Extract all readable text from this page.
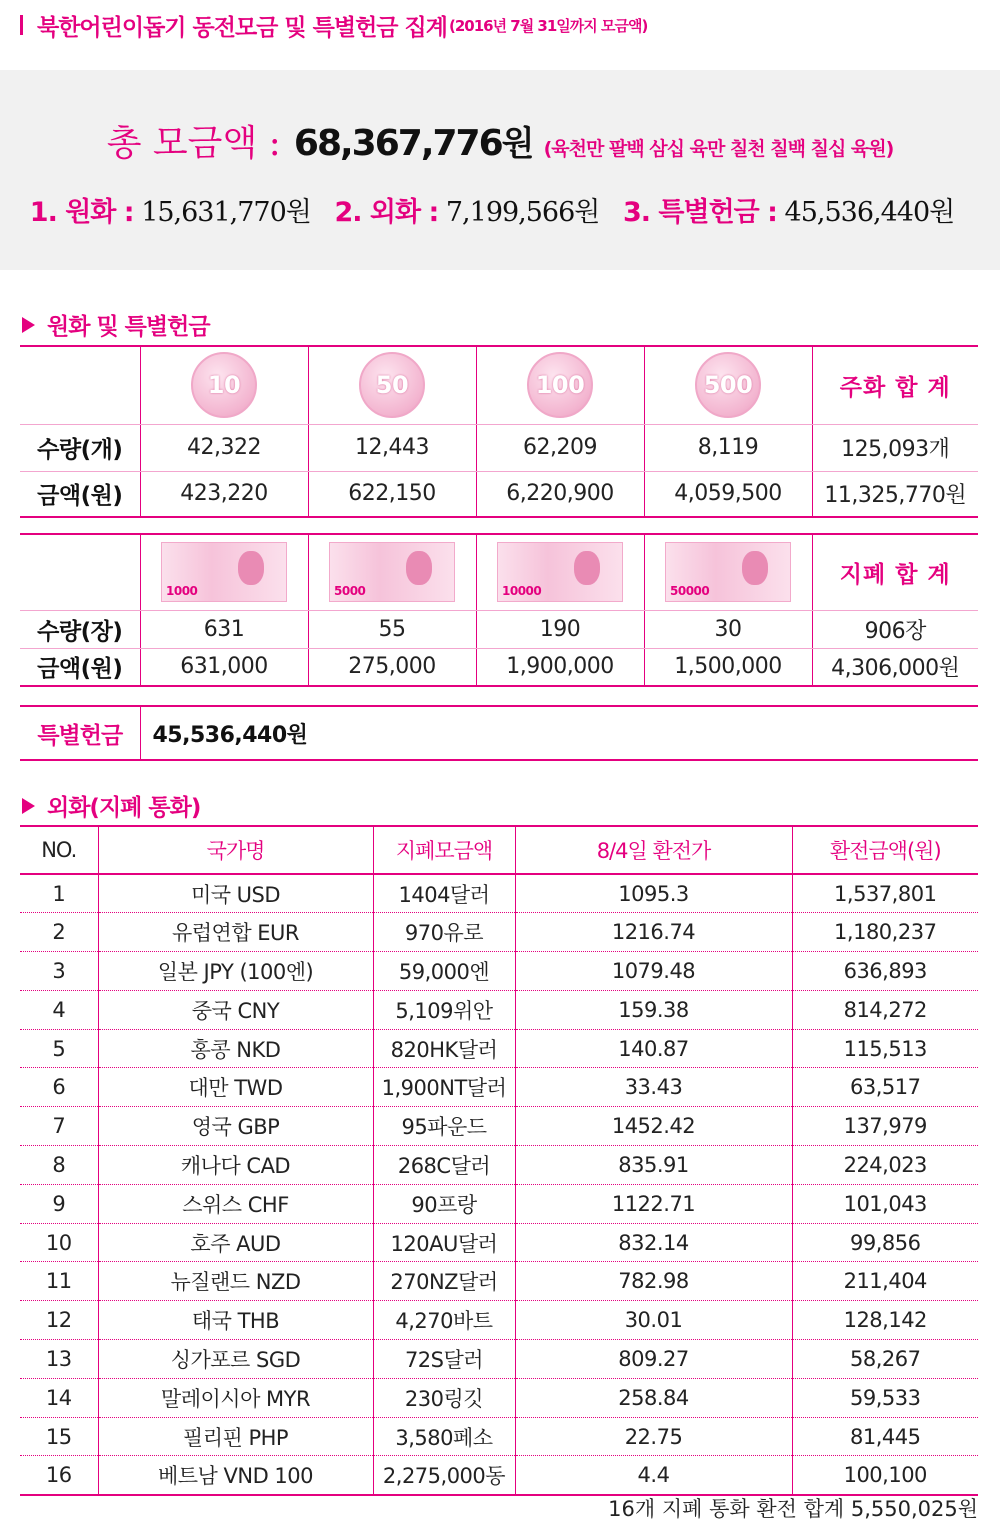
북한어린이돕기 동전모금 및 특별헌금 집계 (2016년 7월 31일까지 모금액)
총 모금액 : 68,367,776원 (육천만 팔백 삼십 육만 칠천 칠백 칠십 육원)
1. 원화 : 15,631,770원 2. 외화 : 7,199,566원 3. 특별헌금 : 45,536,440원
원화 및 특별헌금

	10	50	100	500	주화 합 계
수량(개)	42,322	12,443	62,209	8,119	125,093개
금액(원)	423,220	622,150	6,220,900	4,059,500	11,325,770원

	1000	5000	10000	50000	지폐 합 계
수량(장)	631	55	190	30	906장
금액(원)	631,000	275,000	1,900,000	1,500,000	4,306,000원
특별헌금	45,536,440원
외화(지폐 통화)
NO.	국가명	지폐모금액	8/4일 환전가	환전금액(원)
1	미국 USD	1404달러	1095.3	1,537,801
2	유럽연합 EUR	970유로	1216.74	1,180,237
3	일본 JPY (100엔)	59,000엔	1079.48	636,893
4	중국 CNY	5,109위안	159.38	814,272
5	홍콩 NKD	820HK달러	140.87	115,513
6	대만 TWD	1,900NT달러	33.43	63,517
7	영국 GBP	95파운드	1452.42	137,979
8	캐나다 CAD	268C달러	835.91	224,023
9	스위스 CHF	90프랑	1122.71	101,043
10	호주 AUD	120AU달러	832.14	99,856
11	뉴질랜드 NZD	270NZ달러	782.98	211,404
12	태국 THB	4,270바트	30.01	128,142
13	싱가포르 SGD	72S달러	809.27	58,267
14	말레이시아 MYR	230링깃	258.84	59,533
15	필리핀 PHP	3,580페소	22.75	81,445
16	베트남 VND 100	2,275,000동	4.4	100,100
16개 지폐 통화 환전 합계 5,550,025원
